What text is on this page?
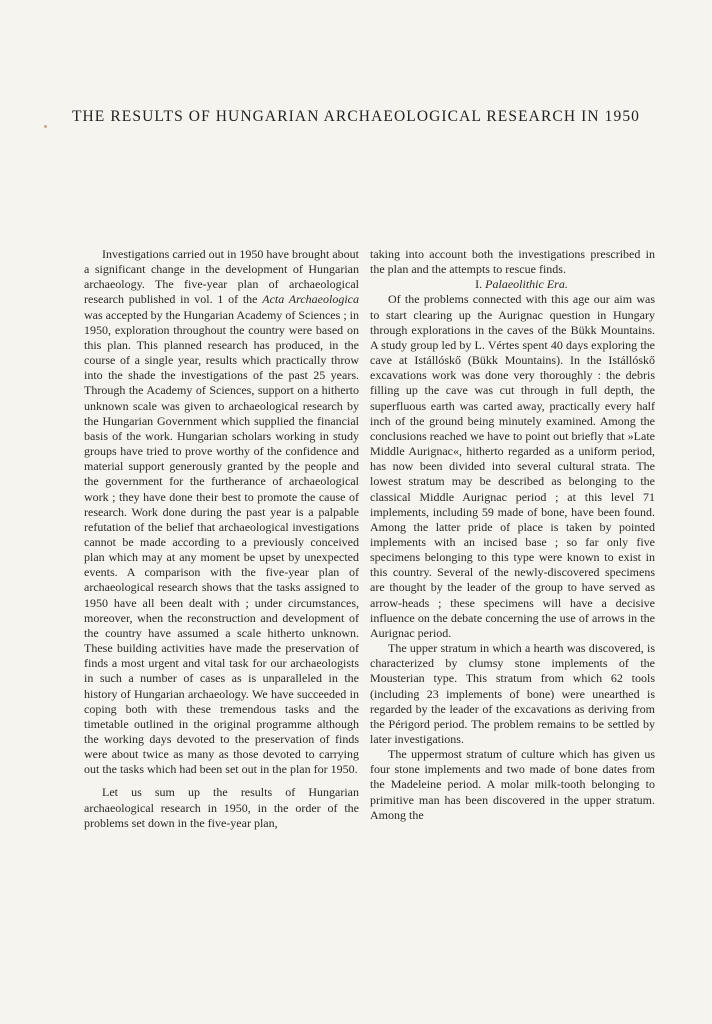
THE RESULTS OF HUNGARIAN ARCHAEOLOGICAL RESEARCH IN 1950

Investigations carried out in 1950 have brought about a significant change in the development of Hungarian archaeology. The five-year plan of archaeological research published in vol. 1 of the Acta Archaeologica was accepted by the Hungarian Academy of Sciences ; in 1950, exploration throughout the country were based on this plan. This planned research has produced, in the course of a single year, results which practically throw into the shade the investigations of the past 25 years. Through the Academy of Sciences, support on a hitherto unknown scale was given to archaeological research by the Hungarian Government which supplied the financial basis of the work. Hungarian scholars working in study groups have tried to prove worthy of the confidence and material support generously granted by the people and the government for the furtherance of archaeological work ; they have done their best to promote the cause of research. Work done during the past year is a palpable refutation of the belief that archaeological investigations cannot be made according to a previously conceived plan which may at any moment be upset by unexpected events. A comparison with the five-year plan of archaeological research shows that the tasks assigned to 1950 have all been dealt with ; under circumstances, moreover, when the reconstruction and development of the country have assumed a scale hitherto unknown. These building activities have made the preservation of finds a most urgent and vital task for our archaeologists in such a number of cases as is unparalleled in the history of Hungarian archaeology. We have succeeded in coping both with these tremendous tasks and the timetable outlined in the original programme although the working days devoted to the preservation of finds were about twice as many as those devoted to carrying out the tasks which had been set out in the plan for 1950.

Let us sum up the results of Hungarian archaeological research in 1950, in the order of the problems set down in the five-year plan,

taking into account both the investigations prescribed in the plan and the attempts to rescue finds.

I. Palaeolithic Era.

Of the problems connected with this age our aim was to start clearing up the Aurignac question in Hungary through explorations in the caves of the Bükk Mountains. A study group led by L. Vértes spent 40 days exploring the cave at Istállóskő (Bükk Mountains). In the Istállóskő excavations work was done very thoroughly : the debris filling up the cave was cut through in full depth, the superfluous earth was carted away, practically every half inch of the ground being minutely examined. Among the conclusions reached we have to point out briefly that »Late Middle Aurignac«, hitherto regarded as a uniform period, has now been divided into several cultural strata. The lowest stratum may be described as belonging to the classical Middle Aurignac period ; at this level 71 implements, including 59 made of bone, have been found. Among the latter pride of place is taken by pointed implements with an incised base ; so far only five specimens belonging to this type were known to exist in this country. Several of the newly-discovered specimens are thought by the leader of the group to have served as arrow-heads ; these specimens will have a decisive influence on the debate concerning the use of arrows in the Aurignac period.

The upper stratum in which a hearth was discovered, is characterized by clumsy stone implements of the Mousterian type. This stratum from which 62 tools (including 23 implements of bone) were unearthed is regarded by the leader of the excavations as deriving from the Périgord period. The problem remains to be settled by later investigations.

The uppermost stratum of culture which has given us four stone implements and two made of bone dates from the Madeleine period. A molar milk-tooth belonging to primitive man has been discovered in the upper stratum. Among the
